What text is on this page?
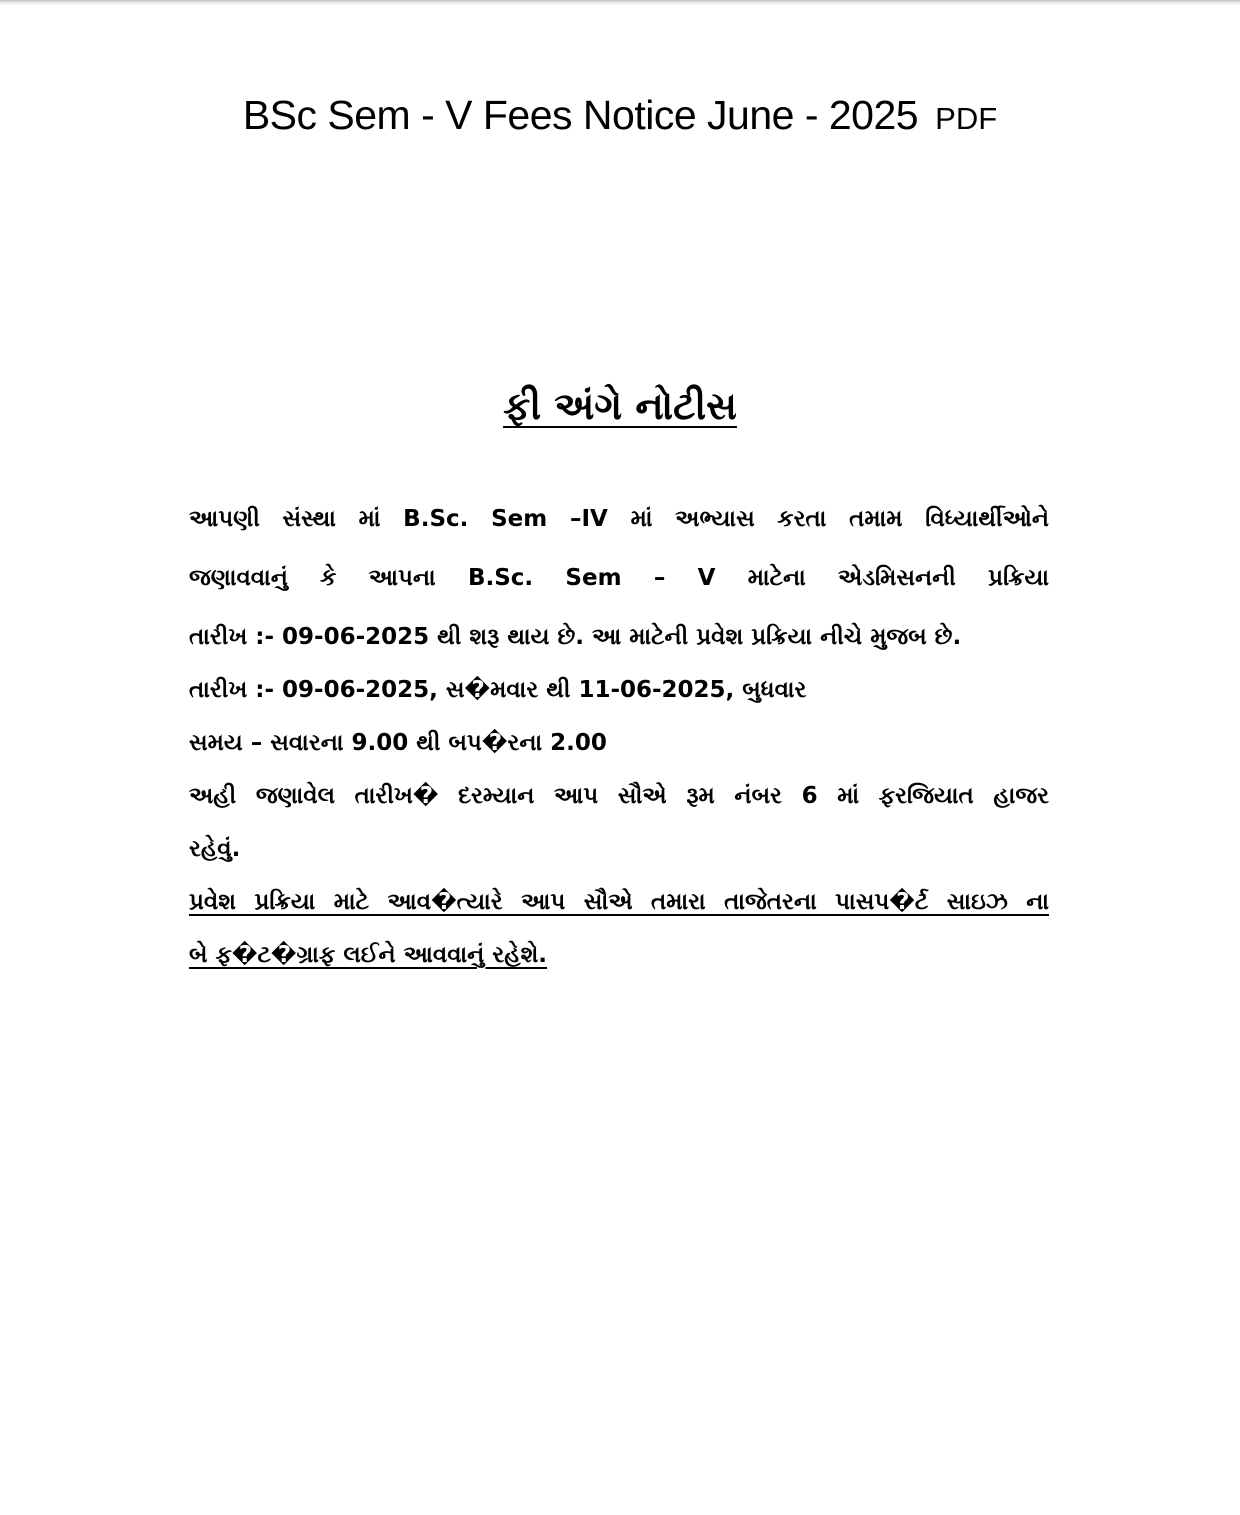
BSc Sem - V Fees Notice June - 2025 PDF
ફી અંગે નોટીસ
આપણી સંસ્થા માં B.Sc. Sem –IV માં અભ્યાસ કરતા તમામ વિધ્યાર્થીઓને
જણાવવાનું કે આપના B.Sc. Sem – V માટેના એડમિસનની પ્રક્રિયા
તારીખ :- 09-06-2025 થી શરૂ થાય છે. આ માટેની પ્રવેશ પ્રક્રિયા નીચે મુજબ છે.
તારીખ :- 09-06-2025, સ�મવાર થી 11-06-2025, બુધવાર
સમય – સવારના 9.00 થી બપ�રના 2.00
અહી જણાવેલ તારીખ� દરમ્યાન આપ સૌએ રૂમ નંબર 6 માં ફરજિયાત હાજર
રહેવું.
પ્રવેશ પ્રક્રિયા માટે આવ�ત્યારે આપ સૌએ તમારા તાજેતરના પાસપ�ર્ટ સાઇઝ ના
બે ફ�ટ�ગ્રાફ લઈને આવવાનું રહેશે.
